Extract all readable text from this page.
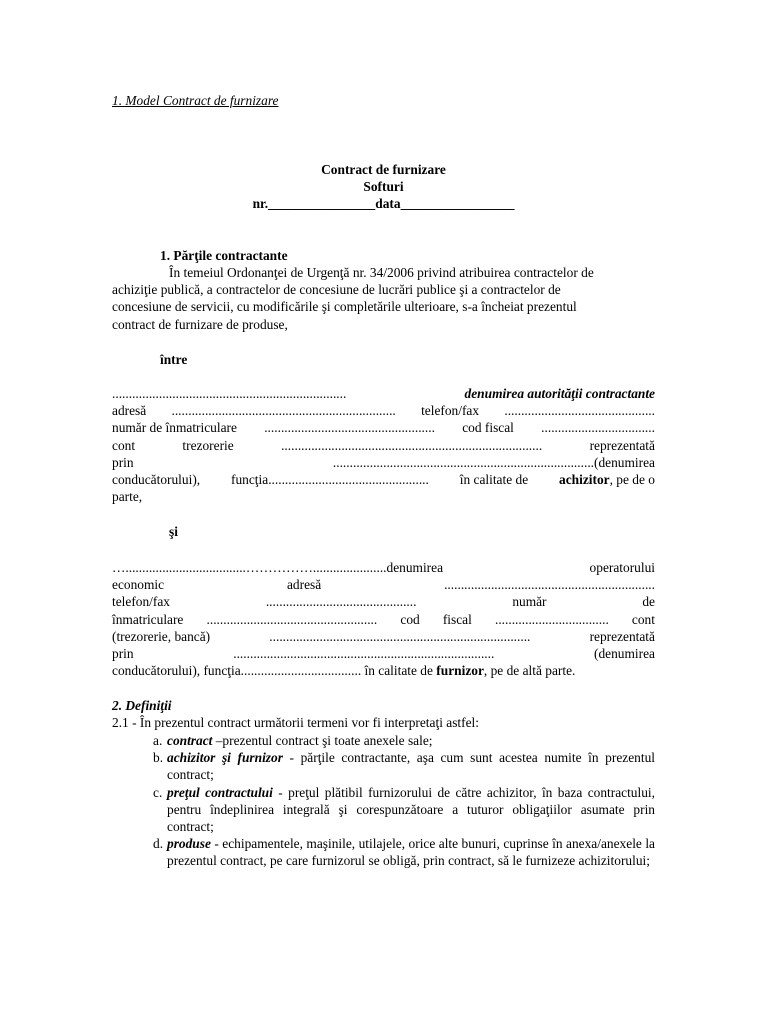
1. Model Contract de furnizare
Contract de furnizare
Softuri
nr.________________data_________________
1. Părţile contractante
În temeiul Ordonanţei de Urgenţă nr. 34/2006 privind atribuirea contractelor de
achiziţie publică, a contractelor de concesiune de lucrări publice şi a contractelor de
concesiune de servicii, cu modificările şi completările ulterioare, s-a încheiat prezentul
contract de furnizare de produse,
între
......................................................................	denumirea autorităţii contractante
adresă ................................................................... telefon/fax .............................................
număr de înmatriculare ................................................... cod fiscal ..................................
cont	trezorerie	..............................................................................	reprezentată
prin	..............................................................................(denumirea
conducătorului), funcţia................................................ în calitate de achizitor, pe de o
parte,
şi
…....................................……………......................denumirea	operatorului
economic	adresă	...............................................................
telefon/fax	.............................................	număr	de
înmatriculare ................................................... cod fiscal .................................. cont
(trezorerie, bancă)	..............................................................................	reprezentată
prin	..............................................................................	(denumirea
conducătorului), funcţia.................................... în calitate de furnizor, pe de altă parte.
2. Definiţii
2.1 - În prezentul contract următorii termeni vor fi interpretaţi astfel:
a. contract –prezentul contract şi toate anexele sale;
b. achizitor şi furnizor - părţile contractante, aşa cum sunt acestea numite în prezentul contract;
c. preţul contractului - preţul plătibil furnizorului de către achizitor, în baza contractului, pentru îndeplinirea integrală şi corespunzătoare a tuturor obligaţiilor asumate prin contract;
d. produse - echipamentele, maşinile, utilajele, orice alte bunuri, cuprinse în anexa/anexele la prezentul contract, pe care furnizorul se obligă, prin contract, să le furnizeze achizitorului;
